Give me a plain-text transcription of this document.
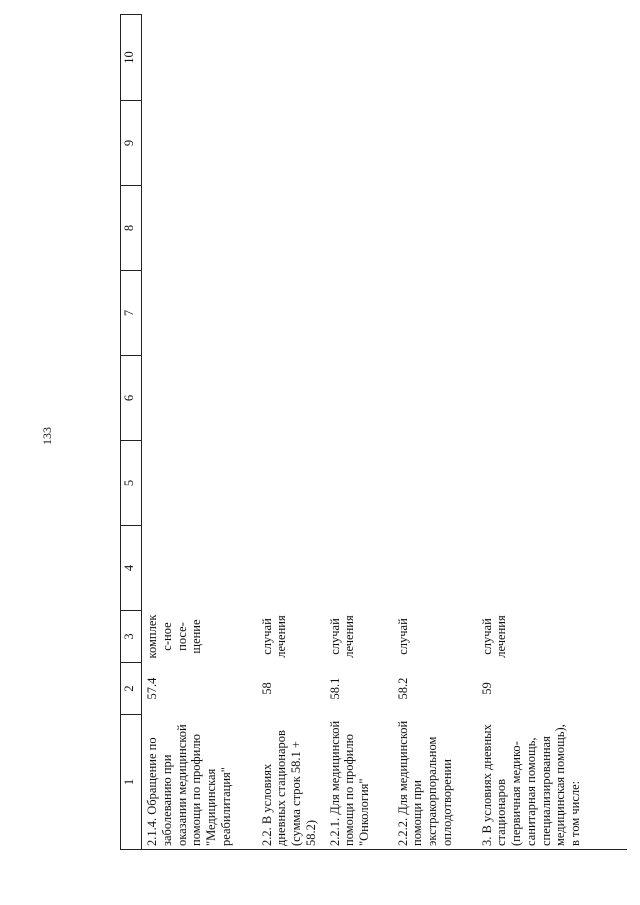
133
1	2	3	4	5	6	7	8	9	10
2.1.4. Обращение по заболеванию при оказании медицинской помощи по профилю "Медицинская реабилитация"	57.4	комплекс-ное посе-щение							
2.2. В условиях дневных стационаров (сумма строк 58.1 + 58.2)	58	случай лечения							
2.2.1. Для медицинской помощи по профилю "Онкология"	58.1	случай лечения							
2.2.2. Для медицинской помощи при экстракорпоральном оплодотворении	58.2	случай							
3. В условиях дневных стационаров (первичная медико-санитарная помощь, специализированная медицинская помощь), в том числе:	59	случай лечения							
